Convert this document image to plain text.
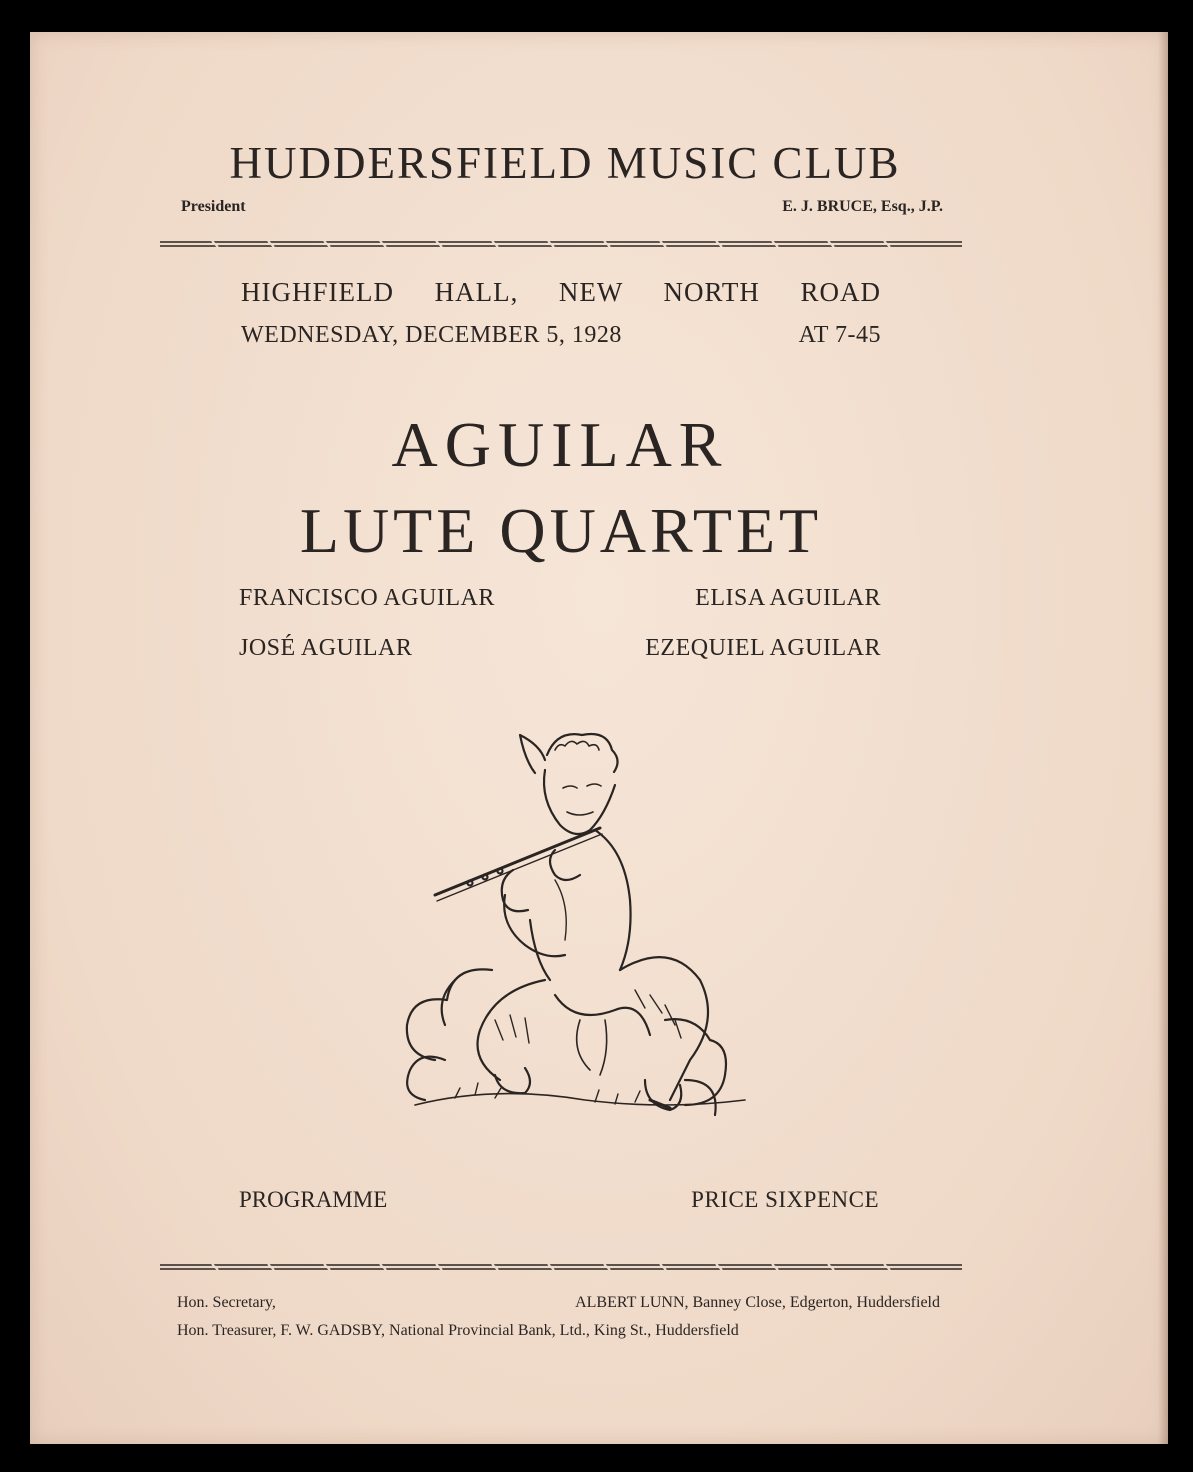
HUDDERSFIELD MUSIC CLUB
President	E. J. BRUCE, Esq., J.P.
HIGHFIELD HALL, NEW NORTH ROAD
WEDNESDAY, DECEMBER 5, 1928	AT 7-45
AGUILAR
LUTE QUARTET
FRANCISCO AGUILAR	ELISA AGUILAR
JOSÉ AGUILAR	EZEQUIEL AGUILAR
PROGRAMME	PRICE SIXPENCE
Hon. Secretary,	ALBERT LUNN, Banney Close, Edgerton, Huddersfield
Hon. Treasurer, F. W. GADSBY, National Provincial Bank, Ltd., King St., Huddersfield
